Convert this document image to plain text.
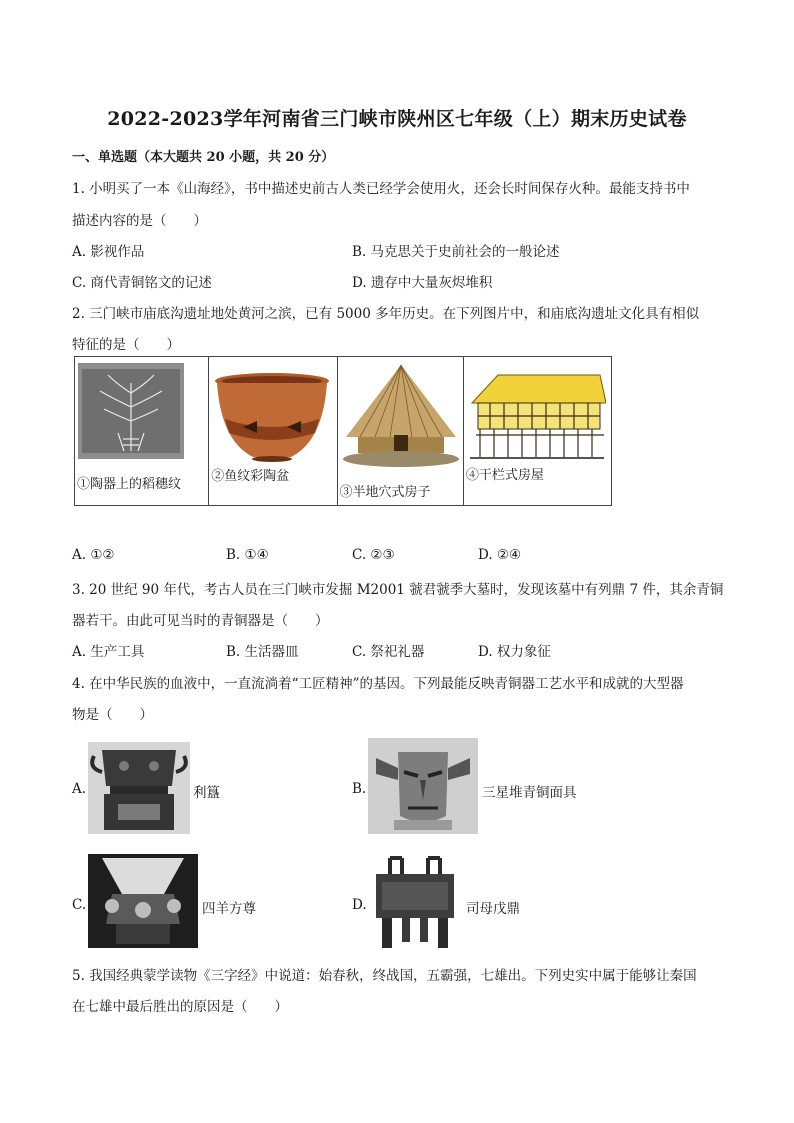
2022-2023学年河南省三门峡市陕州区七年级（上）期末历史试卷
一、单选题（本大题共 20 小题，共 20 分）
1. 小明买了一本《山海经》，书中描述史前古人类已经学会使用火，还会长时间保存火种。最能支持书中
描述内容的是（　　）
A. 影视作品	B. 马克思关于史前社会的一般论述
C. 商代青铜铭文的记述	D. 遗存中大量灰烬堆积
2. 三门峡市庙底沟遗址地处黄河之滨，已有 5000 多年历史。在下列图片中，和庙底沟遗址文化具有相似
特征的是（　　）
①陶器上的稻穗纹

②鱼纹彩陶盆

③半地穴式房子

④干栏式房屋
A. ①②	B. ①④	C. ②③	D. ②④
3. 20 世纪 90 年代，考古人员在三门峡市发掘 M2001 虢君虢季大墓时，发现该墓中有列鼎 7 件，其余青铜
器若干。由此可见当时的青铜器是（　　）
A. 生产工具	B. 生活器皿	C. 祭祀礼器	D. 权力象征
4. 在中华民族的血液中，一直流淌着“工匠精神”的基因。下列最能反映青铜器工艺水平和成就的大型器
物是（　　）
A.	利簋	B.	三星堆青铜面具
C.	四羊方尊	D.	司母戊鼎
5. 我国经典蒙学读物《三字经》中说道：始春秋，终战国，五霸强，七雄出。下列史实中属于能够让秦国
在七雄中最后胜出的原因是（　　）
